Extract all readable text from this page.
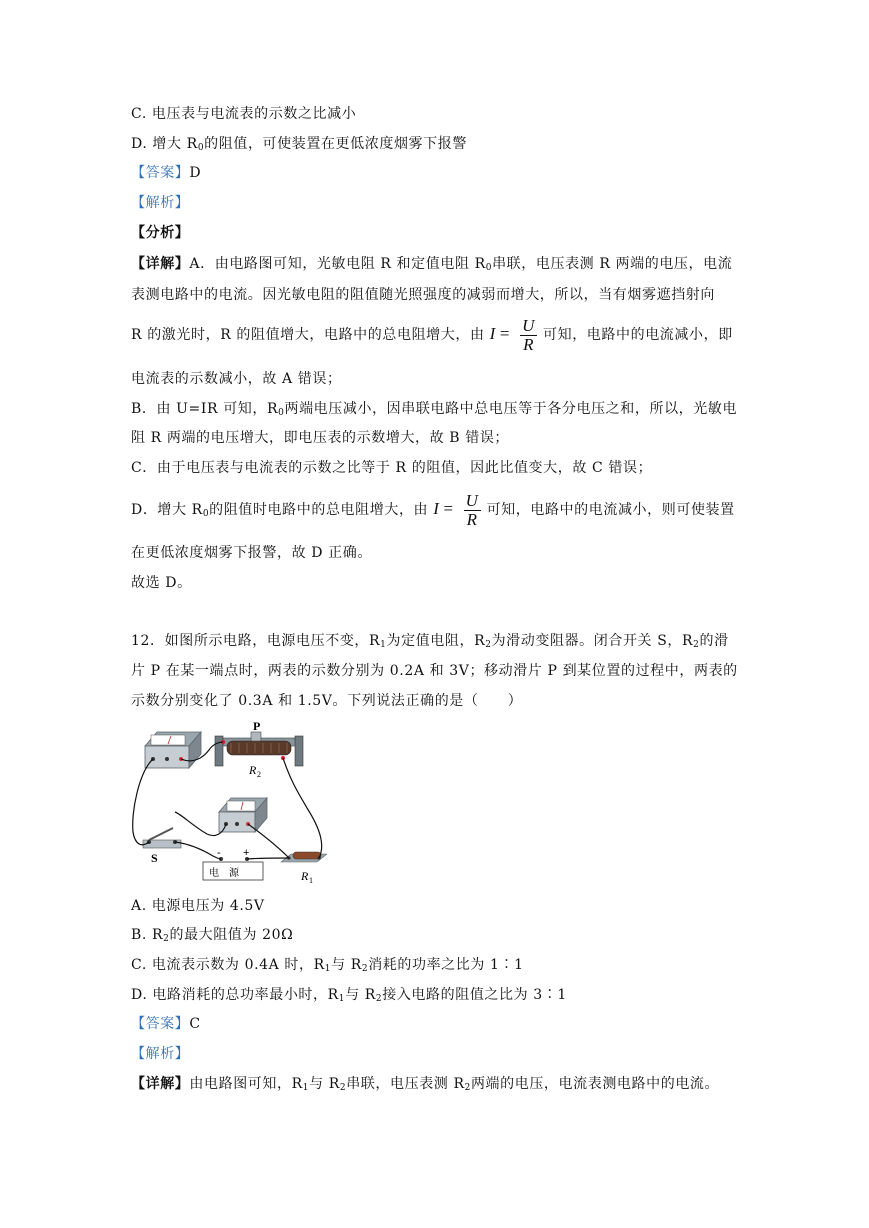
C. 电压表与电流表的示数之比减小
D. 增大 $R_0$的阻值，可使装置在更低浓度烟雾下报警
【答案】D
【解析】
【分析】
【详解】A．由电路图可知，光敏电阻 R 和定值电阻 $R_0$串联，电压表测 R 两端的电压，电流
表测电路中的电流。因光敏电阻的阻值随光照强度的减弱而增大，所以，当有烟雾遮挡射向
R 的激光时，R 的阻值增大，电路中的总电阻增大，由 $I = \frac{U}{R}$ 可知，电路中的电流减小，即
电流表的示数减小，故 A 错误；
B．由 U=IR 可知，$R_0$两端电压减小，因串联电路中总电压等于各分电压之和，所以，光敏电
阻 R 两端的电压增大，即电压表的示数增大，故 B 错误；
C．由于电压表与电流表的示数之比等于 R 的阻值，因此比值变大，故 C 错误；
D．增大 $R_0$的阻值时电路中的总电阻增大，由 $I = \frac{U}{R}$ 可知，电路中的电流减小，则可使装置
在更低浓度烟雾下报警，故 D 正确。
故选 D。
12．如图所示电路，电源电压不变，$R_1$为定值电阻，$R_2$为滑动变阻器。闭合开关 S，$R_2$的滑
片 P 在某一端点时，两表的示数分别为 0.2A 和 3V；移动滑片 P 到某位置的过程中，两表的
示数分别变化了 0.3A 和 1.5V。下列说法正确的是（　　）
P
R 2
S	- +
电　源	R 1
A. 电源电压为 4.5V
B. $R_2$的最大阻值为 20Ω
C. 电流表示数为 0.4A 时，$R_1$与 $R_2$消耗的功率之比为 1∶1
D. 电路消耗的总功率最小时，$R_1$与 $R_2$接入电路的阻值之比为 3∶1
【答案】C
【解析】
【详解】由电路图可知，$R_1$与 $R_2$串联，电压表测 $R_2$两端的电压，电流表测电路中的电流。
